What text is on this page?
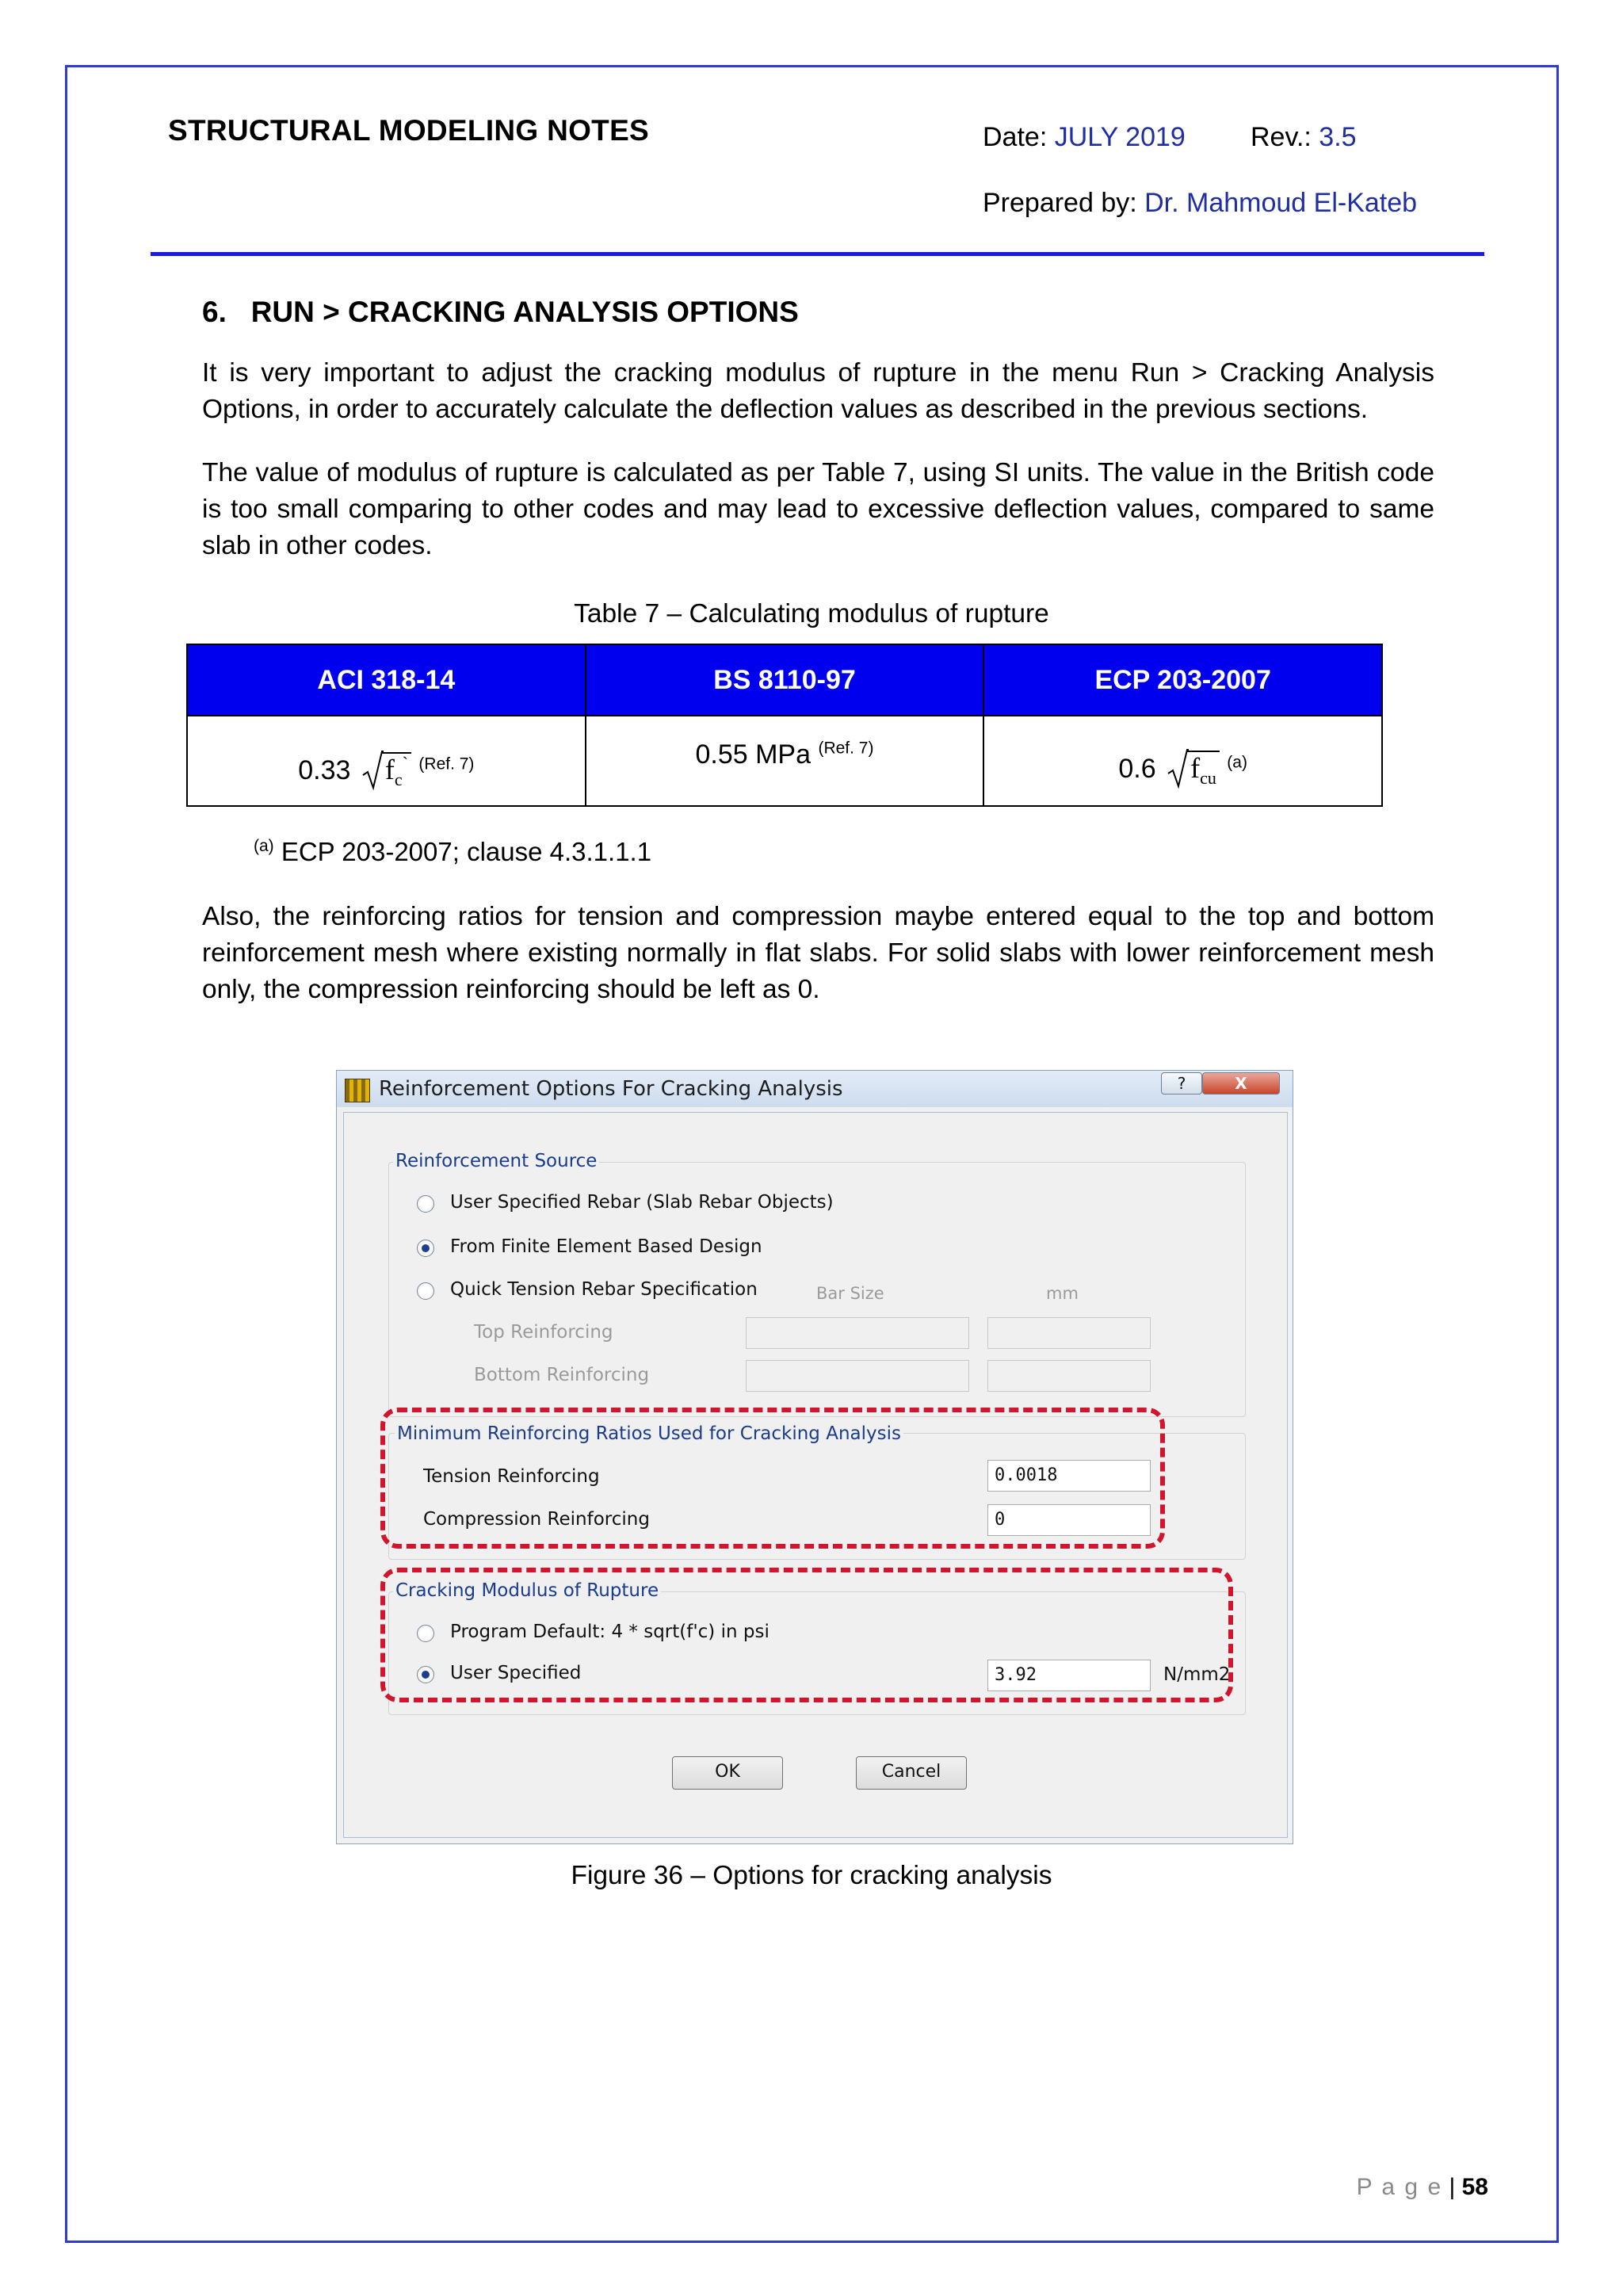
STRUCTURAL MODELING NOTES	Date: JULY 2019 Rev.: 3.5
Prepared by: Dr. Mahmoud El-Kateb
6.   RUN > CRACKING ANALYSIS OPTIONS
It is very important to adjust the cracking modulus of rupture in the menu Run > Cracking Analysis Options, in order to accurately calculate the deflection values as described in the previous sections.
The value of modulus of rupture is calculated as per Table 7, using SI units. The value in the British code is too small comparing to other codes and may lead to excessive deflection values, compared to same slab in other codes.
Table 7 – Calculating modulus of rupture
ACI 318-14	BS 8110-97	ECP 203-2007
0.33 $f_c^`$ $^{(Ref. 7)}$	0.55 MPa $^{(Ref. 7)}$	0.6 $f_{cu}$ $^{(a)}$
$^{(a)}$ ECP 203-2007; clause 4.3.1.1.1
Also, the reinforcing ratios for tension and compression maybe entered equal to the top and bottom reinforcement mesh where existing normally in flat slabs. For solid slabs with lower reinforcement mesh only, the compression reinforcing should be left as 0.
Reinforcement Options For Cracking Analysis	?	X
Reinforcement Source
User Specified Rebar (Slab Rebar Objects)
From Finite Element Based Design
Quick Tension Rebar Specification	Bar Size	mm
Top Reinforcing
Bottom Reinforcing
Minimum Reinforcing Ratios Used for Cracking Analysis
Tension Reinforcing	0.0018
Compression Reinforcing	0
Cracking Modulus of Rupture
Program Default: 4 * sqrt(f'c) in psi
User Specified	3.92	N/mm2
OK	Cancel
Figure 36 – Options for cracking analysis
P a g e | 58
